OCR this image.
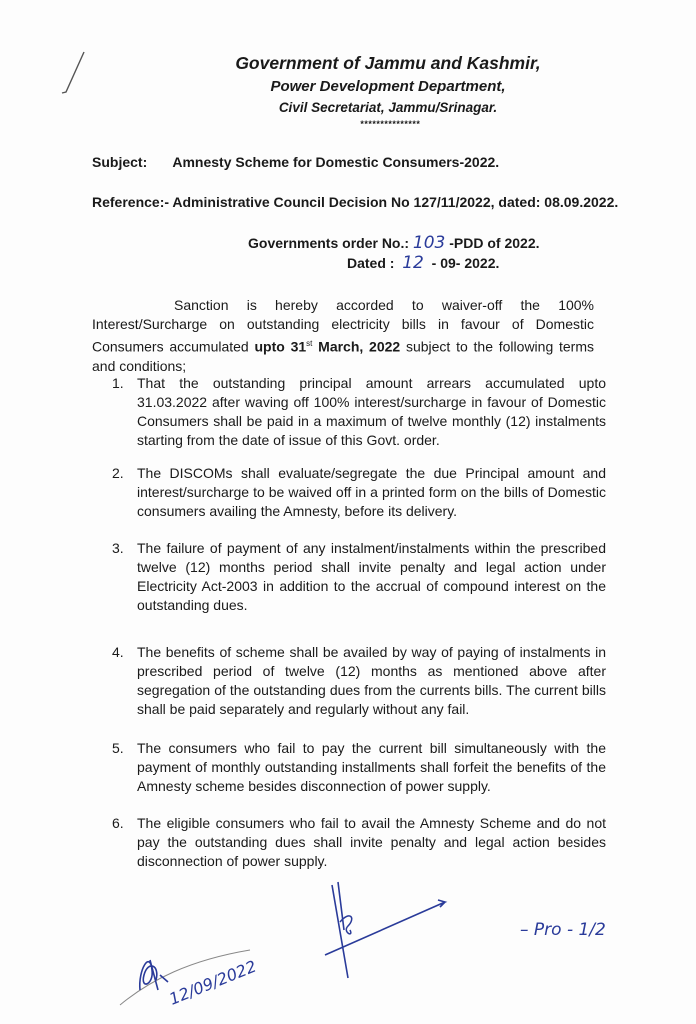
Government of Jammu and Kashmir,
Power Development Department,
Civil Secretariat, Jammu/Srinagar.
***************
Subject: Amnesty Scheme for Domestic Consumers-2022.
Reference:- Administrative Council Decision No 127/11/2022, dated: 08.09.2022.
Governments order No.: 103 -PDD of 2022.
Dated : 12 - 09- 2022.
Sanction is hereby accorded to waiver-off the 100% Interest/Surcharge on outstanding electricity bills in favour of Domestic Consumers accumulated upto 31st March, 2022 subject to the following terms and conditions;
1. That the outstanding principal amount arrears accumulated upto 31.03.2022 after waving off 100% interest/surcharge in favour of Domestic Consumers shall be paid in a maximum of twelve monthly (12) instalments starting from the date of issue of this Govt. order.
2. The DISCOMs shall evaluate/segregate the due Principal amount and interest/surcharge to be waived off in a printed form on the bills of Domestic consumers availing the Amnesty, before its delivery.
3. The failure of payment of any instalment/instalments within the prescribed twelve (12) months period shall invite penalty and legal action under Electricity Act-2003 in addition to the accrual of compound interest on the outstanding dues.
4. The benefits of scheme shall be availed by way of paying of instalments in prescribed period of twelve (12) months as mentioned above after segregation of the outstanding dues from the currents bills. The current bills shall be paid separately and regularly without any fail.
5. The consumers who fail to pay the current bill simultaneously with the payment of monthly outstanding installments shall forfeit the benefits of the Amnesty scheme besides disconnection of power supply.
6. The eligible consumers who fail to avail the Amnesty Scheme and do not pay the outstanding dues shall invite penalty and legal action besides disconnection of power supply.
12/09/2022
– Pro - 1/2
